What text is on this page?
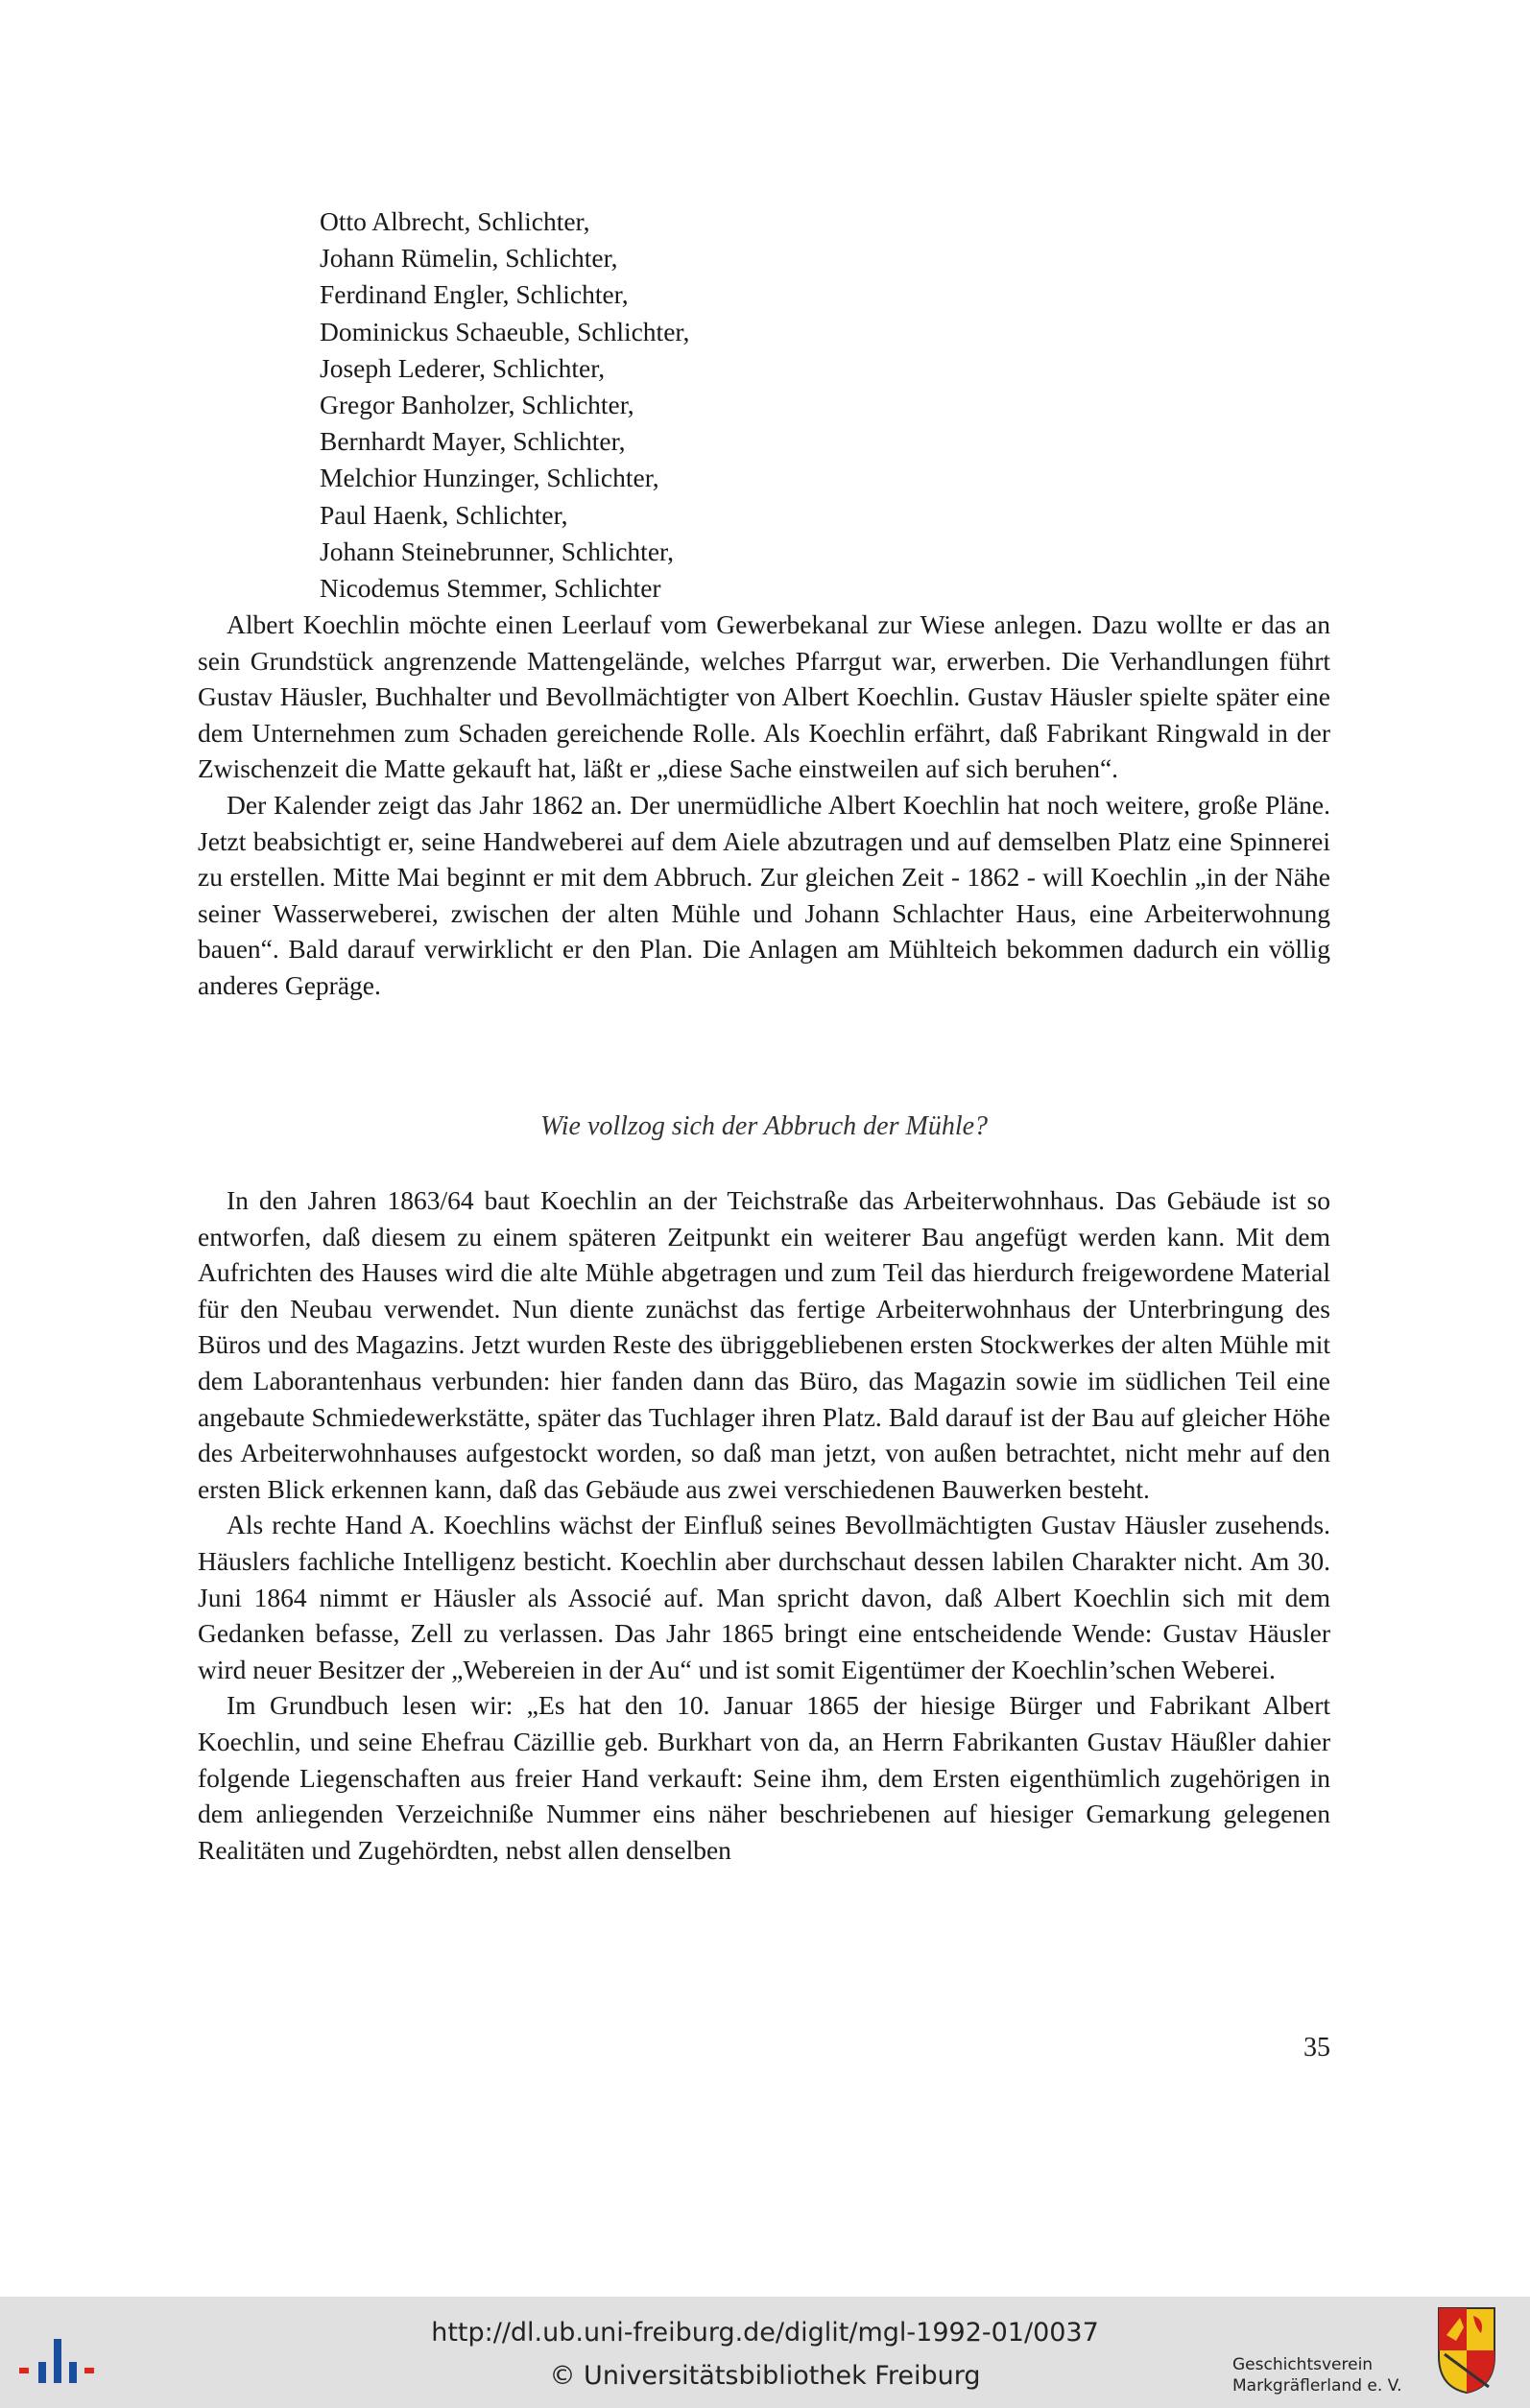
Otto Albrecht, Schlichter,
Johann Rümelin, Schlichter,
Ferdinand Engler, Schlichter,
Dominickus Schaeuble, Schlichter,
Joseph Lederer, Schlichter,
Gregor Banholzer, Schlichter,
Bernhardt Mayer, Schlichter,
Melchior Hunzinger, Schlichter,
Paul Haenk, Schlichter,
Johann Steinebrunner, Schlichter,
Nicodemus Stemmer, Schlichter

Albert Koechlin möchte einen Leerlauf vom Gewerbekanal zur Wiese anlegen. Dazu wollte er das an sein Grundstück angrenzende Mattengelände, welches Pfarrgut war, erwerben. Die Verhandlungen führt Gustav Häusler, Buchhalter und Bevollmächtigter von Albert Koechlin. Gustav Häusler spielte später eine dem Unternehmen zum Schaden gereichende Rolle. Als Koechlin erfährt, daß Fabrikant Ringwald in der Zwischenzeit die Matte gekauft hat, läßt er „diese Sache einstweilen auf sich beruhen“.

Der Kalender zeigt das Jahr 1862 an. Der unermüdliche Albert Koechlin hat noch weitere, große Pläne. Jetzt beabsichtigt er, seine Handweberei auf dem Aiele abzutragen und auf demselben Platz eine Spinnerei zu erstellen. Mitte Mai beginnt er mit dem Abbruch. Zur gleichen Zeit - 1862 - will Koechlin „in der Nähe seiner Wasserweberei, zwischen der alten Mühle und Johann Schlachter Haus, eine Arbeiterwohnung bauen“. Bald darauf verwirklicht er den Plan. Die Anlagen am Mühlteich bekommen dadurch ein völlig anderes Gepräge.

Wie vollzog sich der Abbruch der Mühle?

In den Jahren 1863/64 baut Koechlin an der Teichstraße das Arbeiterwohnhaus. Das Gebäude ist so entworfen, daß diesem zu einem späteren Zeitpunkt ein weiterer Bau angefügt werden kann. Mit dem Aufrichten des Hauses wird die alte Mühle abgetragen und zum Teil das hierdurch freigewordene Material für den Neubau verwendet. Nun diente zunächst das fertige Arbeiterwohnhaus der Unterbringung des Büros und des Magazins. Jetzt wurden Reste des übriggebliebenen ersten Stockwerkes der alten Mühle mit dem Laborantenhaus verbunden: hier fanden dann das Büro, das Magazin sowie im südlichen Teil eine angebaute Schmiedewerkstätte, später das Tuchlager ihren Platz. Bald darauf ist der Bau auf gleicher Höhe des Arbeiterwohnhauses aufgestockt worden, so daß man jetzt, von außen betrachtet, nicht mehr auf den ersten Blick erkennen kann, daß das Gebäude aus zwei verschiedenen Bauwerken besteht.

Als rechte Hand A. Koechlins wächst der Einfluß seines Bevollmächtigten Gustav Häusler zusehends. Häuslers fachliche Intelligenz besticht. Koechlin aber durchschaut dessen labilen Charakter nicht. Am 30. Juni 1864 nimmt er Häusler als Associé auf. Man spricht davon, daß Albert Koechlin sich mit dem Gedanken befasse, Zell zu verlassen. Das Jahr 1865 bringt eine entscheidende Wende: Gustav Häusler wird neuer Besitzer der „Webereien in der Au“ und ist somit Eigentümer der Koechlin’schen Weberei.

Im Grundbuch lesen wir: „Es hat den 10. Januar 1865 der hiesige Bürger und Fabrikant Albert Koechlin, und seine Ehefrau Cäzillie geb. Burkhart von da, an Herrn Fabrikanten Gustav Häußler dahier folgende Liegenschaften aus freier Hand verkauft: Seine ihm, dem Ersten eigenthümlich zugehörigen in dem anliegenden Verzeichniße Nummer eins näher beschriebenen auf hiesiger Gemarkung gelegenen Realitäten und Zugehördten, nebst allen denselben

35
http://dl.ub.uni-freiburg.de/diglit/mgl-1992-01/0037
© Universitätsbibliothek Freiburg	Geschichtsverein
Markgräflerland e. V.
